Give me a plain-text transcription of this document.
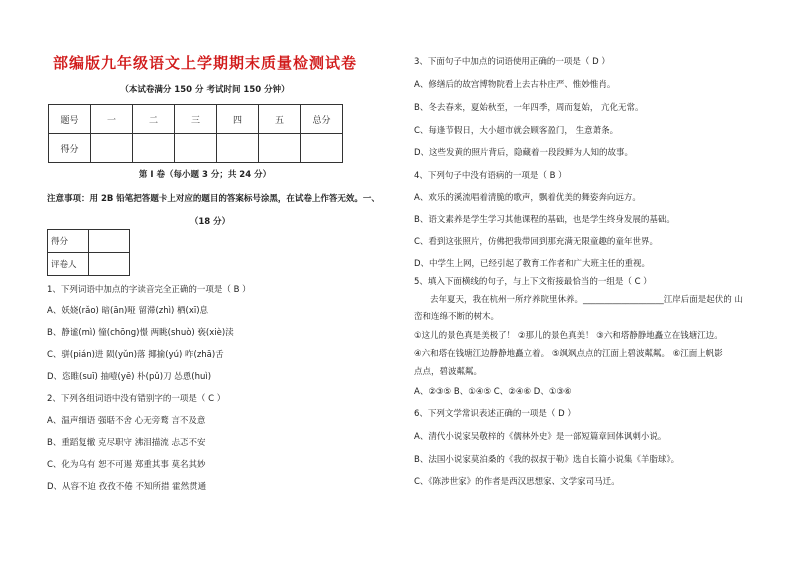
部编版九年级语文上学期期末质量检测试卷
（本试卷满分 150 分 考试时间 150 分钟）
题号	一	二	三	四	五	总分
得分						
第 I 卷（每小题 3 分；共 24 分）
注意事项：用 2B 铅笔把答题卡上对应的题目的答案标号涂黑，在试卷上作答无效。一、
（18 分）
得分	
评卷人	
1、下列词语中加点的字读音完全正确的一项是（ B ）
A、妖娆(rǎo) 暗(ān)哑 留滞(zhì) 栖(xī)息
B、静谧(mì) 憧(chōng)憬 两眺(shuò) 亵(xiè)渎
C、骈(pián)进 陨(yǔn)落 揶揄(yú) 咋(zhā)舌
D、恣睢(suī) 抽噎(yē) 朴(pǔ)刀 怂恿(huì)
2、下列各组词语中没有错别字的一项是（ C ）
A、温声细语 强聒不舍 心无旁鹜 言不及意
B、重蹈复辙 克尽职守 沸泪描流 忐忑不安
C、化为乌有 恕不可遏 郑重其事 莫名其妙
D、从容不迫 孜孜不倦 不知所措 霍然贯通
3、下面句子中加点的词语使用正确的一项是（ D ）
A、修缮后的故宫博物院看上去古朴庄严、惟妙惟肖。
B、冬去春来，夏始秋至，一年四季，周而复始， 亢化无常。
C、每逢节假日，大小超市就会顾客盈门， 生意萧条。
D、这些发黄的照片背后，隐藏着一段段鲜为人知的故事。
4、下列句子中没有语病的一项是（ B ）
A、欢乐的溪流唱着清脆的歌声，飘着优美的舞姿奔向远方。
B、语文素养是学生学习其他课程的基础，也是学生终身发展的基础。
C、看到这张照片，仿佛把我带回到那充满无限童趣的童年世界。
D、中学生上网，已经引起了教育工作者和广大班主任的重视。
5、填入下面横线的句子，与上下文衔接最恰当的一组是（ C ）
去年夏天，我在杭州一所疗养院里休养。___________________江岸后面是起伏的 山
峦和连绵不断的树木。
①这儿的景色真是美极了！ ②那儿的景色真美！ ③六和塔静静地矗立在钱塘江边。
④六和塔在钱塘江边静静地矗立着。 ⑤飒飒点点的江面上碧波粼粼。 ⑥江面上帆影
点点，碧波粼粼。
A、②③⑤ B、①④⑤ C、②④⑥ D、①③⑥
6、下列文学常识表述正确的一项是（ D ）
A、清代小说家吴敬梓的《儒林外史》是一部短篇章回体讽刺小说。
B、法国小说家莫泊桑的《我的叔叔于勒》选自长篇小说集《羊脂球》。
C、《陈涉世家》的作者是西汉思想家、文学家司马迁。
